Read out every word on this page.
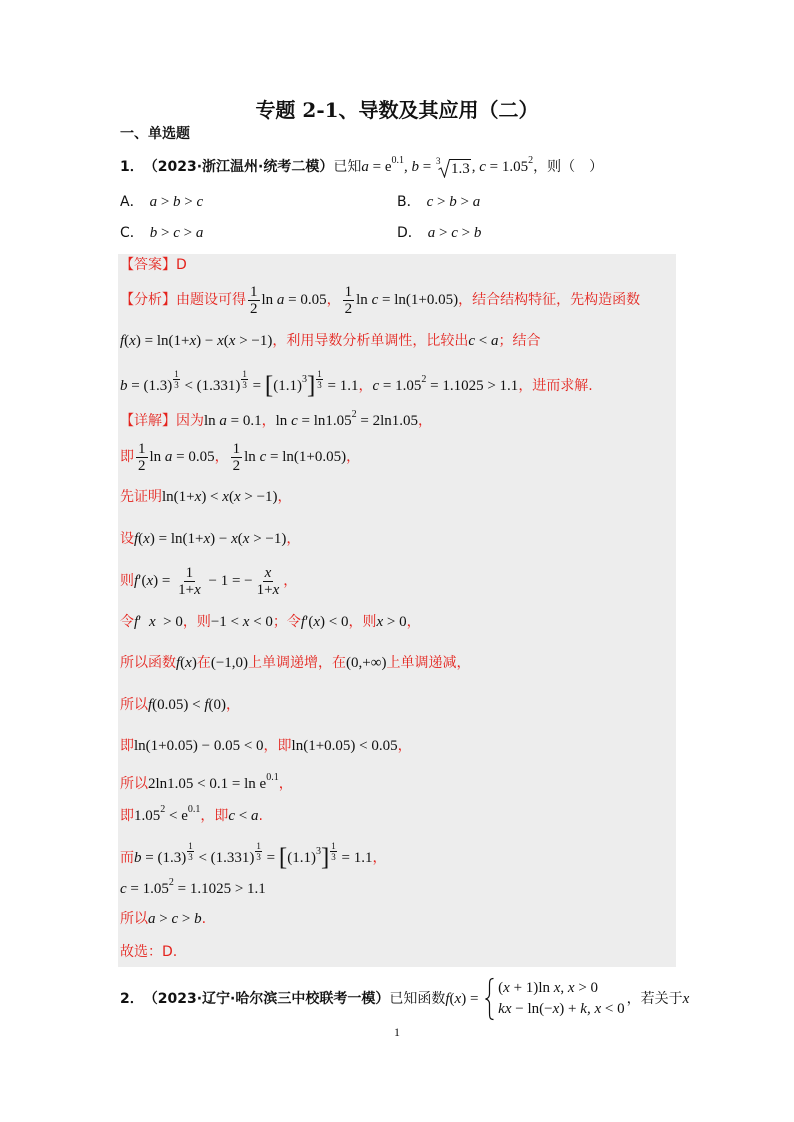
专题 2-1、导数及其应用（二）
一、单选题
1． （2023·浙江温州·统考二模） 已知 a = e 0.1 , b = 3 1.3 , c = 1.05 2 ，则（　）
A． a > b > c	B． c > b > a
C． b > c > a	D． a > c > b
【答案】D
【分析】由题设可得 $\frac{1}{2}$ ln a = 0.05 ， $\frac{1}{2}$ ln c = ln(1+0.05) ，结合结构特征，先构造函数
f(x) = ln(1+x) − x(x > −1) ，利用导数分析单调性，比较出 c < a ；结合
$b = (1.3) \frac{1}{3} < (1.331) \frac{1}{3}$ = [ (1.1) 3 ] $\frac{1}{3} = 1.1$ ， c = 1.05 2 = 1.1025 > 1.1 ，进而求解.
【详解】因为 ln a = 0.1 ， ln c = ln1.05 2 = 2ln1.05 ，
即 $\frac{1}{2}$ ln a = 0.05 ， $\frac{1}{2}$ ln c = ln(1+0.05) ，
先证明 ln(1+x) < x(x > −1) ，
设 f(x) = ln(1+x) − x(x > −1) ，
则 $f'(x) = \frac{1}{1+x} - 1$ = − $\frac{x}{1+x}$ ，
令 f′  x  > 0 ，则 −1 < x < 0 ；令 f′(x) < 0 ，则 x > 0 ，
所以函数 f(x) 在 (−1,0) 上单调递增，在 (0,+∞) 上单调递减，
所以 f(0.05) < f(0) ，
即 ln(1+0.05) − 0.05 < 0 ，即 ln(1+0.05) < 0.05 ，
所以 2ln1.05 < 0.1 = ln e 0.1 ，
即 1.05 2 < e 0.1 ，即 c < a .
而 $b = (1.3) \frac{1}{3} < (1.331) \frac{1}{3}$ = [ (1.1) 3 ] $\frac{1}{3} = 1.1$ ，
c = 1.05 2 = 1.1025 > 1.1
所以 a > c > b .
故选：D.
2． （2023·辽宁·哈尔滨三中校联考一模） 已知函数 f(x) =
(x + 1)ln x, x > 0
kx − ln(−x) + k, x < 0
，若关于 x
1
